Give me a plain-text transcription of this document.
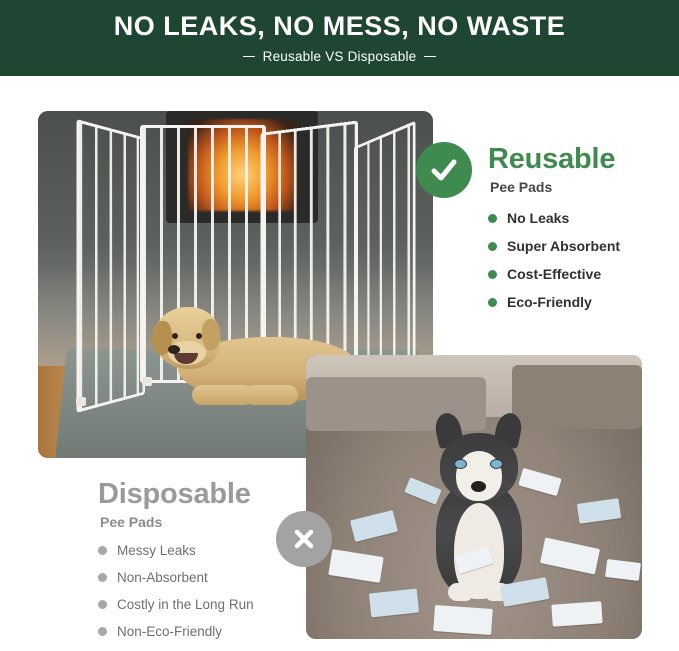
NO LEAKS, NO MESS, NO WASTE
Reusable VS Disposable
Reusable
Pee Pads
No Leaks
Super Absorbent
Cost-Effective
Eco-Friendly
Disposable
Pee Pads
Messy Leaks
Non-Absorbent
Costly in the Long Run
Non-Eco-Friendly
